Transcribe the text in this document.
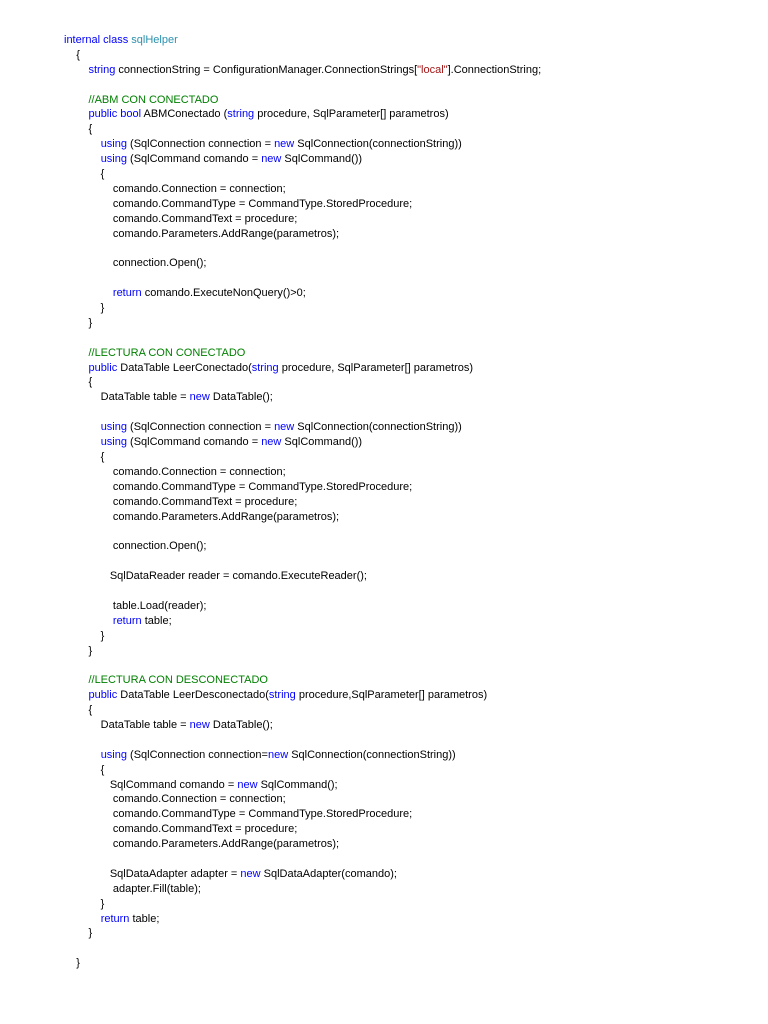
internal class sqlHelper
{
string connectionString = ConfigurationManager.ConnectionStrings["local"].ConnectionString;
//ABM CON CONECTADO
public bool ABMConectado (string procedure, SqlParameter[] parametros)
{
using (SqlConnection connection = new SqlConnection(connectionString))
using (SqlCommand comando = new SqlCommand())
{
comando.Connection = connection;
comando.CommandType = CommandType.StoredProcedure;
comando.CommandText = procedure;
comando.Parameters.AddRange(parametros);
connection.Open();
return comando.ExecuteNonQuery()>0;
}
}
//LECTURA CON CONECTADO
public DataTable LeerConectado(string procedure, SqlParameter[] parametros)
{
DataTable table = new DataTable();
using (SqlConnection connection = new SqlConnection(connectionString))
using (SqlCommand comando = new SqlCommand())
{
comando.Connection = connection;
comando.CommandType = CommandType.StoredProcedure;
comando.CommandText = procedure;
comando.Parameters.AddRange(parametros);
connection.Open();
SqlDataReader reader = comando.ExecuteReader();
table.Load(reader);
return table;
}
}
//LECTURA CON DESCONECTADO
public DataTable LeerDesconectado(string procedure,SqlParameter[] parametros)
{
DataTable table = new DataTable();
using (SqlConnection connection=new SqlConnection(connectionString))
{
SqlCommand comando = new SqlCommand();
comando.Connection = connection;
comando.CommandType = CommandType.StoredProcedure;
comando.CommandText = procedure;
comando.Parameters.AddRange(parametros);
SqlDataAdapter adapter = new SqlDataAdapter(comando);
adapter.Fill(table);
}
return table;
}
}
